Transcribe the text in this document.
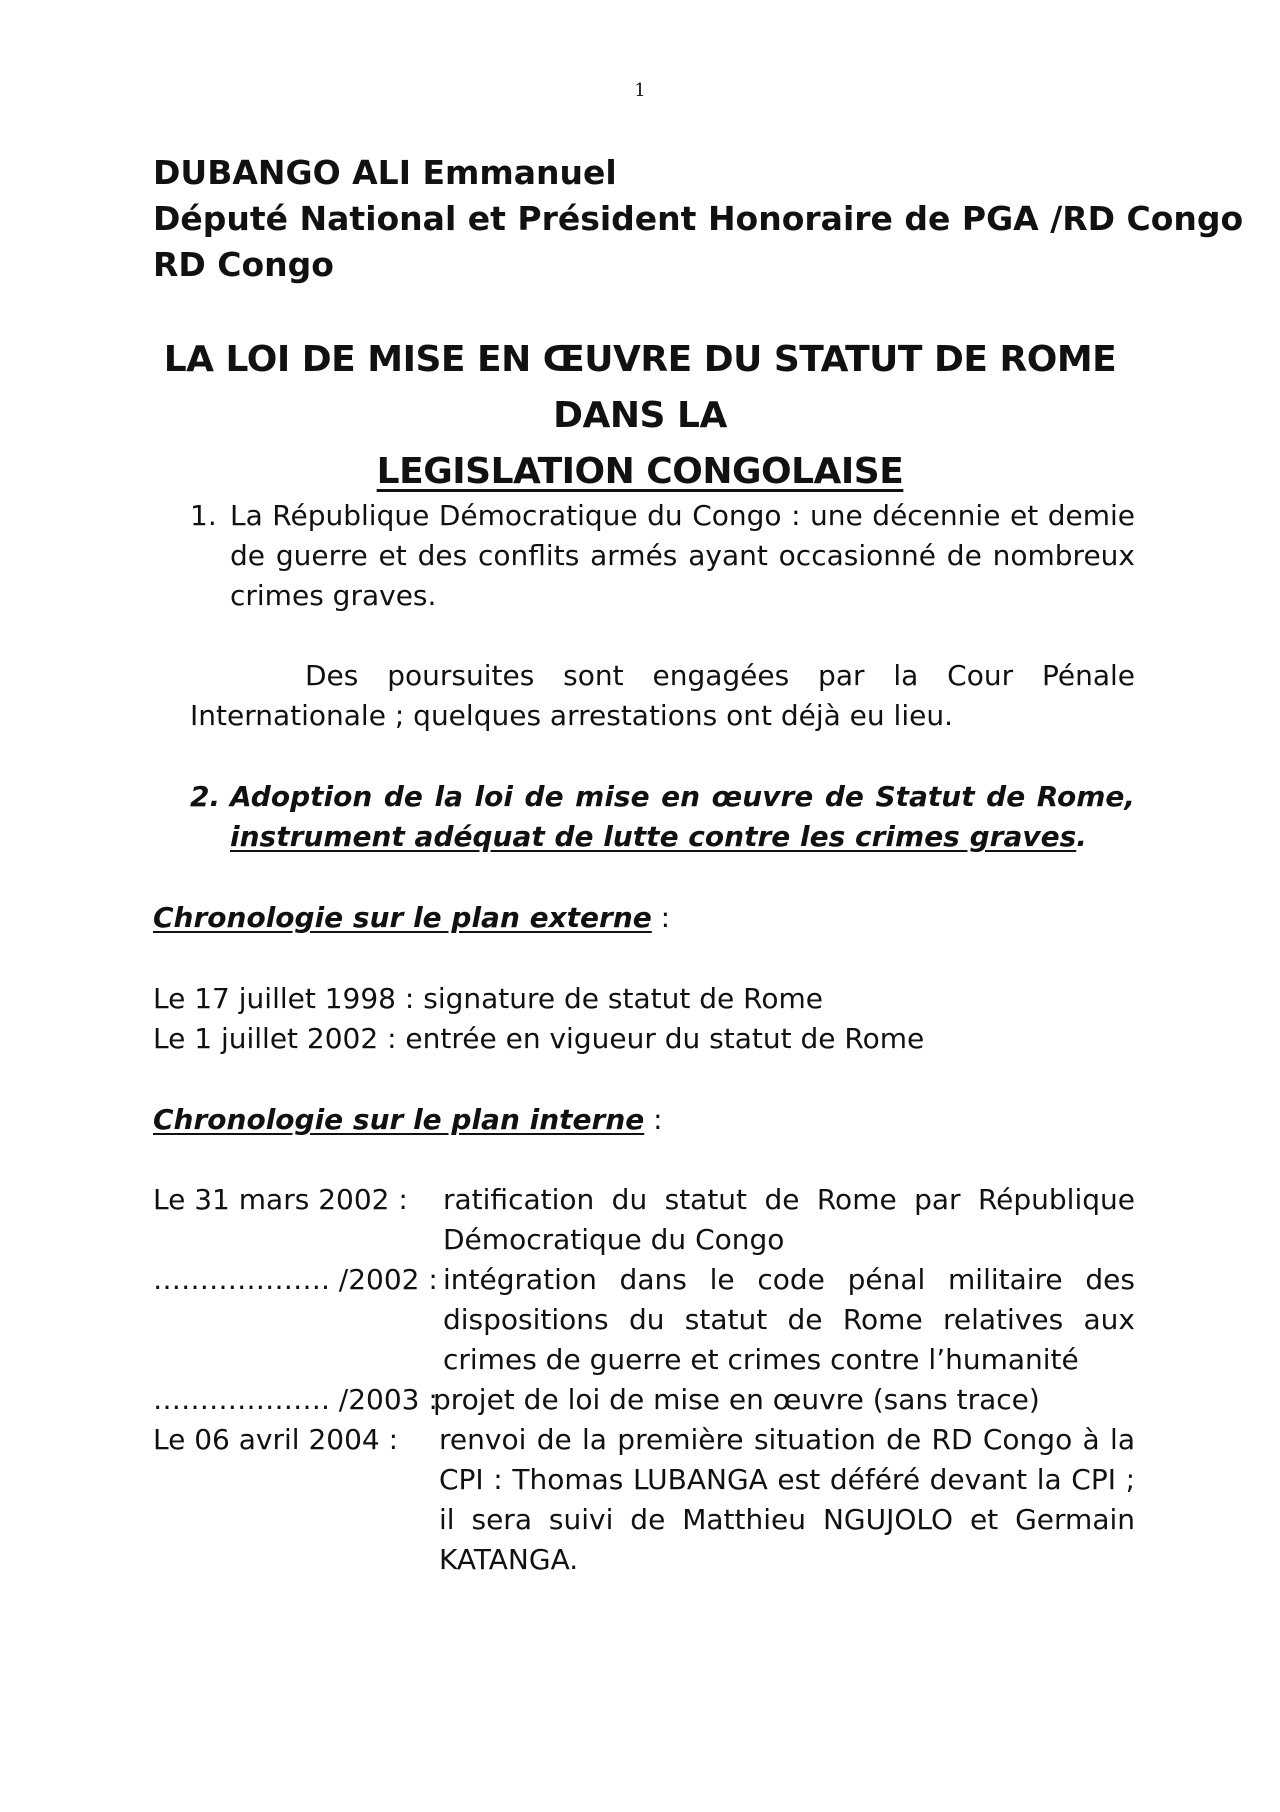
1
DUBANGO ALI Emmanuel
Député National et Président Honoraire de PGA /RD Congo
RD Congo
LA LOI DE MISE EN ŒUVRE DU STATUT DE ROME DANS LA
LEGISLATION CONGOLAISE
1. La République Démocratique du Congo : une décennie et demie de guerre et des conflits armés ayant occasionné de nombreux crimes graves.
Des poursuites sont engagées par la Cour Pénale Internationale ; quelques arrestations ont déjà eu lieu.
2. Adoption de la loi de mise en œuvre de Statut de Rome, instrument adéquat de lutte contre les crimes graves.
Chronologie sur le plan externe :
Le 17 juillet 1998 : signature de statut de Rome
Le 1 juillet 2002 : entrée en vigueur du statut de Rome
Chronologie sur le plan interne :
Le 31 mars 2002 :	ratification du statut de Rome par République Démocratique du Congo
………………. /2002 : intégration dans le code pénal militaire des dispositions du statut de Rome relatives aux crimes de guerre et crimes contre l’humanité
………………. /2003 :
projet de loi de mise en œuvre (sans trace)
Le 06 avril 2004 :	renvoi de la première situation de RD Congo à la CPI : Thomas LUBANGA est déféré devant la CPI ; il sera suivi de Matthieu NGUJOLO et Germain KATANGA.
